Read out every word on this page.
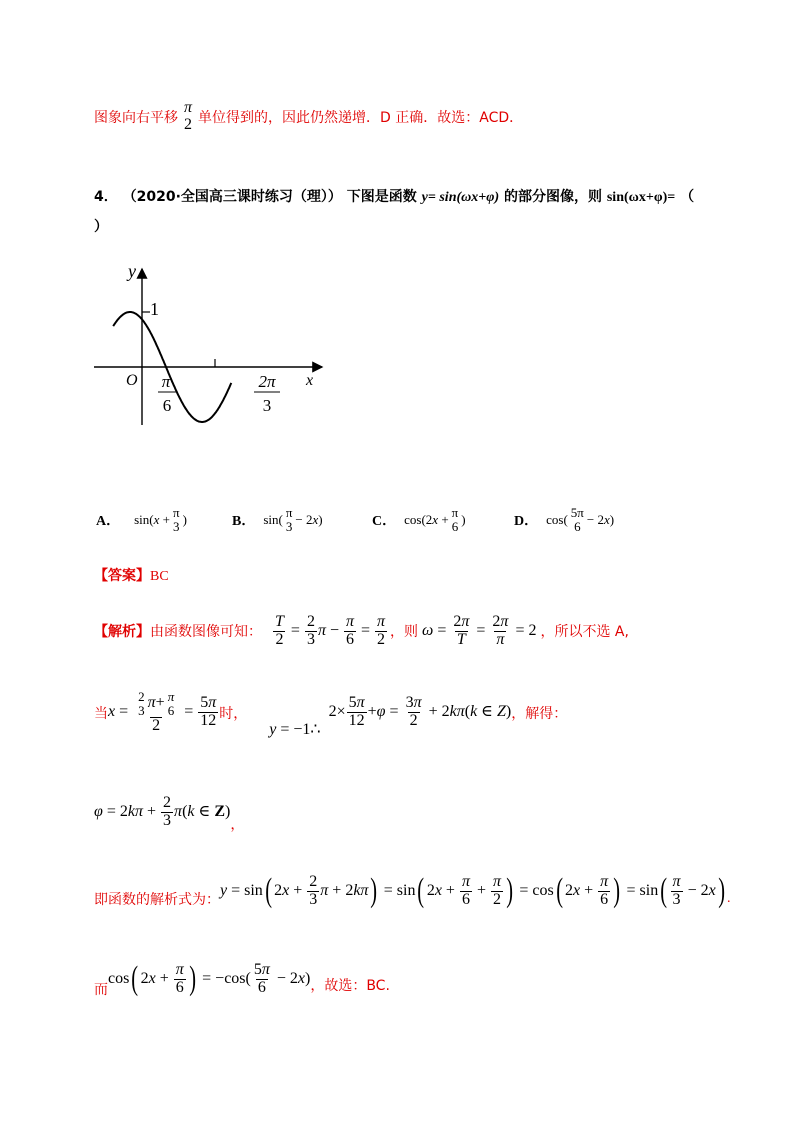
图象向右平移
π
2 单位得到的，因此仍然递增．D 正确．故选：ACD．
4． （2020·全国高三课时练习（理）） 下图是函数 y= sin(ωx+φ) 的部分图像，则 sin(ωx+φ)= （
）
y
x
O
1
π
6
2π
3
A． sin(x + π
3 )	B． sin( π
3 − 2x)	C． cos(2x + π
6 )	D． cos( 5π
6 − 2x)
【答案】BC
【解析】 由函数图像可知： $\frac{T}{2} = \frac{2}{3}$ $\pi - \frac{\pi}{6} = \frac{\pi}{2}$ ，则 $\omega = \frac{2\pi}{T} = \frac{2\pi}{\pi} = 2$ ，所以不选 A,
当 x = 2
3 π + π
6
$2 = \frac{5\pi}{12}$ 时，
y = −1∴
$2\times \frac{5\pi}{12} +\varphi = \frac{3\pi}{2} + 2k\pi(k$ ∈ Z) ，解得：
$\varphi = 2k\pi + \frac{2}{3} \pi(k$ ∈ Z)
，
即函数的解析式为：
y = sin( $2x + \frac{2}{3}$ π + 2kπ) = sin( $2x + \frac{\pi}{6} + \frac{\pi}{2}$ ) = cos( $2x + \frac{\pi}{6}$ ) = $\sin( \frac{\pi}{3} - 2x)$ .
而
cos( $2x + \frac{\pi}{6}$ ) = $-\cos( \frac{5\pi}{6} - 2x)$ ，故选：BC.
